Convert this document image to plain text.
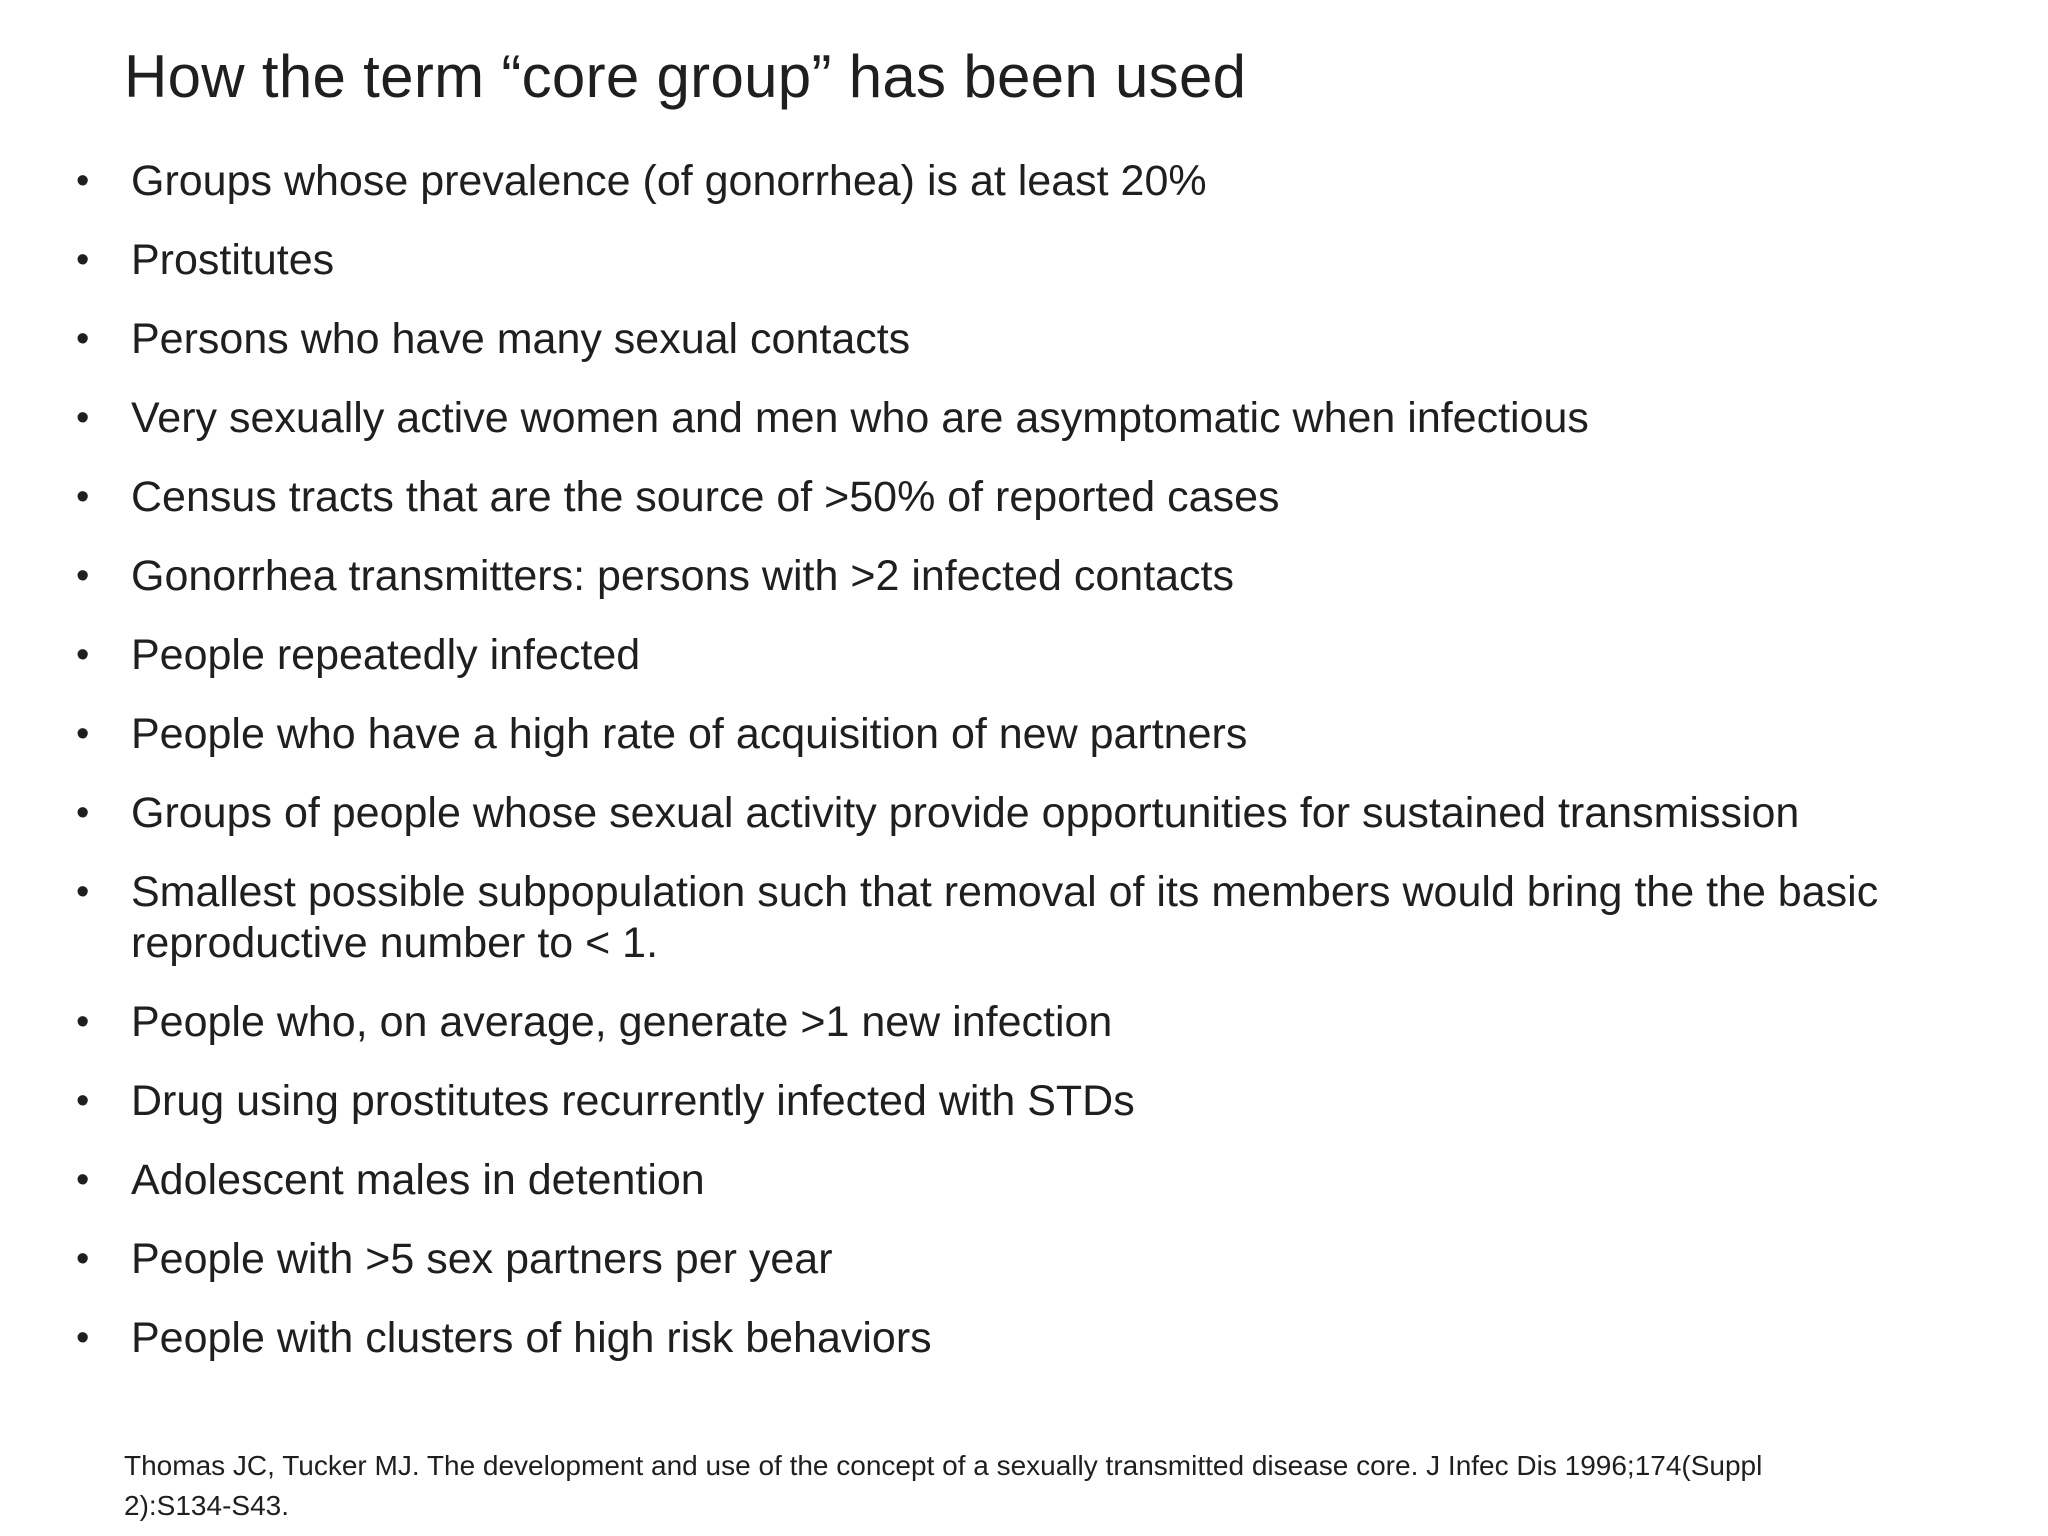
How the term “core group” has been used
• Groups whose prevalence (of gonorrhea) is at least 20%
• Prostitutes
• Persons who have many sexual contacts
• Very sexually active women and men who are asymptomatic when infectious
• Census tracts that are the source of >50% of reported cases
• Gonorrhea transmitters: persons with >2 infected contacts
• People repeatedly infected
• People who have a high rate of acquisition of new partners
• Groups of people whose sexual activity provide opportunities for sustained transmission
• Smallest possible subpopulation such that removal of its members would bring the the basic reproductive number to < 1.
• People who, on average, generate >1 new infection
• Drug using prostitutes recurrently infected with STDs
• Adolescent males in detention
• People with >5 sex partners per year
• People with clusters of high risk behaviors

Thomas JC, Tucker MJ. The development and use of the concept of a sexually transmitted disease core. J Infec Dis 1996;174(Suppl 2):S134-S43.
